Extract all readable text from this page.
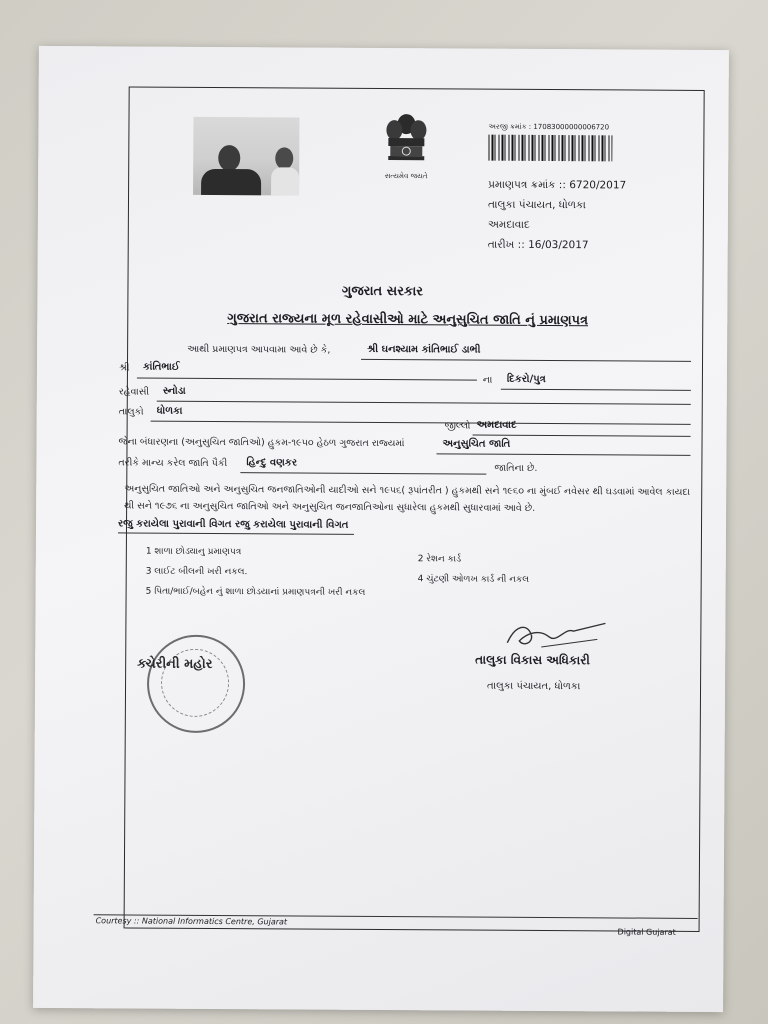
સત્યમેવ જયતે
અરજી ક્રમાંક : 17083000000006720
પ્રમાણપત્ર ક્રમાંક :: 6720/2017
તાલુકા પંચાયત, ધોળકા
અમદાવાદ
તારીખ :: 16/03/2017
ગુજરાત સરકાર
ગુજરાત રાજ્યના મૂળ રહેવાસીઓ માટે અનુસુચિત જાતિ નું પ્રમાણપત્ર
આથી પ્રમાણપત્ર આપવામા આવે છે કે,	શ્રી ઘનશ્યામ કાંતિભાઈ ડાભી
શ્રી કાંતિભાઈ
ના દિકરો/પુત્ર
રહેવાસી સ્નોડા
તાલુકો ધોળકા
જીલ્લો અમદાવાદ
જેના બંધારણના (અનુસુચિત જાતિઓ) હુકમ-૧૯૫૦ હેઠળ ગુજરાત રાજ્યમાં	અનુસુચિત જાતિ
તરીકે માન્ય કરેલ જાતિ પૈકી હિન્દુ વણકર	જાતિના છે.
અનુસુચિત જાતિઓ અને અનુસુચિત જનજાતિઓની યાદીઓ સને ૧૯૫૬( રૂપાંતરીત ) હુકમથી સને ૧૯૬૦ ના મુંબઈ નવેસર થી ઘડવામાં આવેલ કાયદા થી સને ૧૯૭૬ ના અનુસુચિત જાતિઓ અને અનુસુચિત જનજાતિઓના સુધારેલા હુકમથી સુધારવામાં આવે છે.
રજુ કરાયેલા પુરાવાની વિગત રજુ કરાયેલા પુરાવાની વિગત
1 શાળા છોડ્યાનુ પ્રમાણપત્ર
2 રેશન કાર્ડ
3 લાઈટ બીલની ખરી નકલ.
4 ચુંટણી ઓળખ કાર્ડ ની નકલ
5 પિતા/ભાઈ/બહેન નું શાળા છોડયાનાં પ્રમાણપત્રની ખરી નકલ
ક્ચેરીની મહોર	તાલુકા વિકાસ અધિકારી
તાલુકા પંચાયત, ધોળકા
Courtesy :: National Informatics Centre, Gujarat
Digital Gujarat
